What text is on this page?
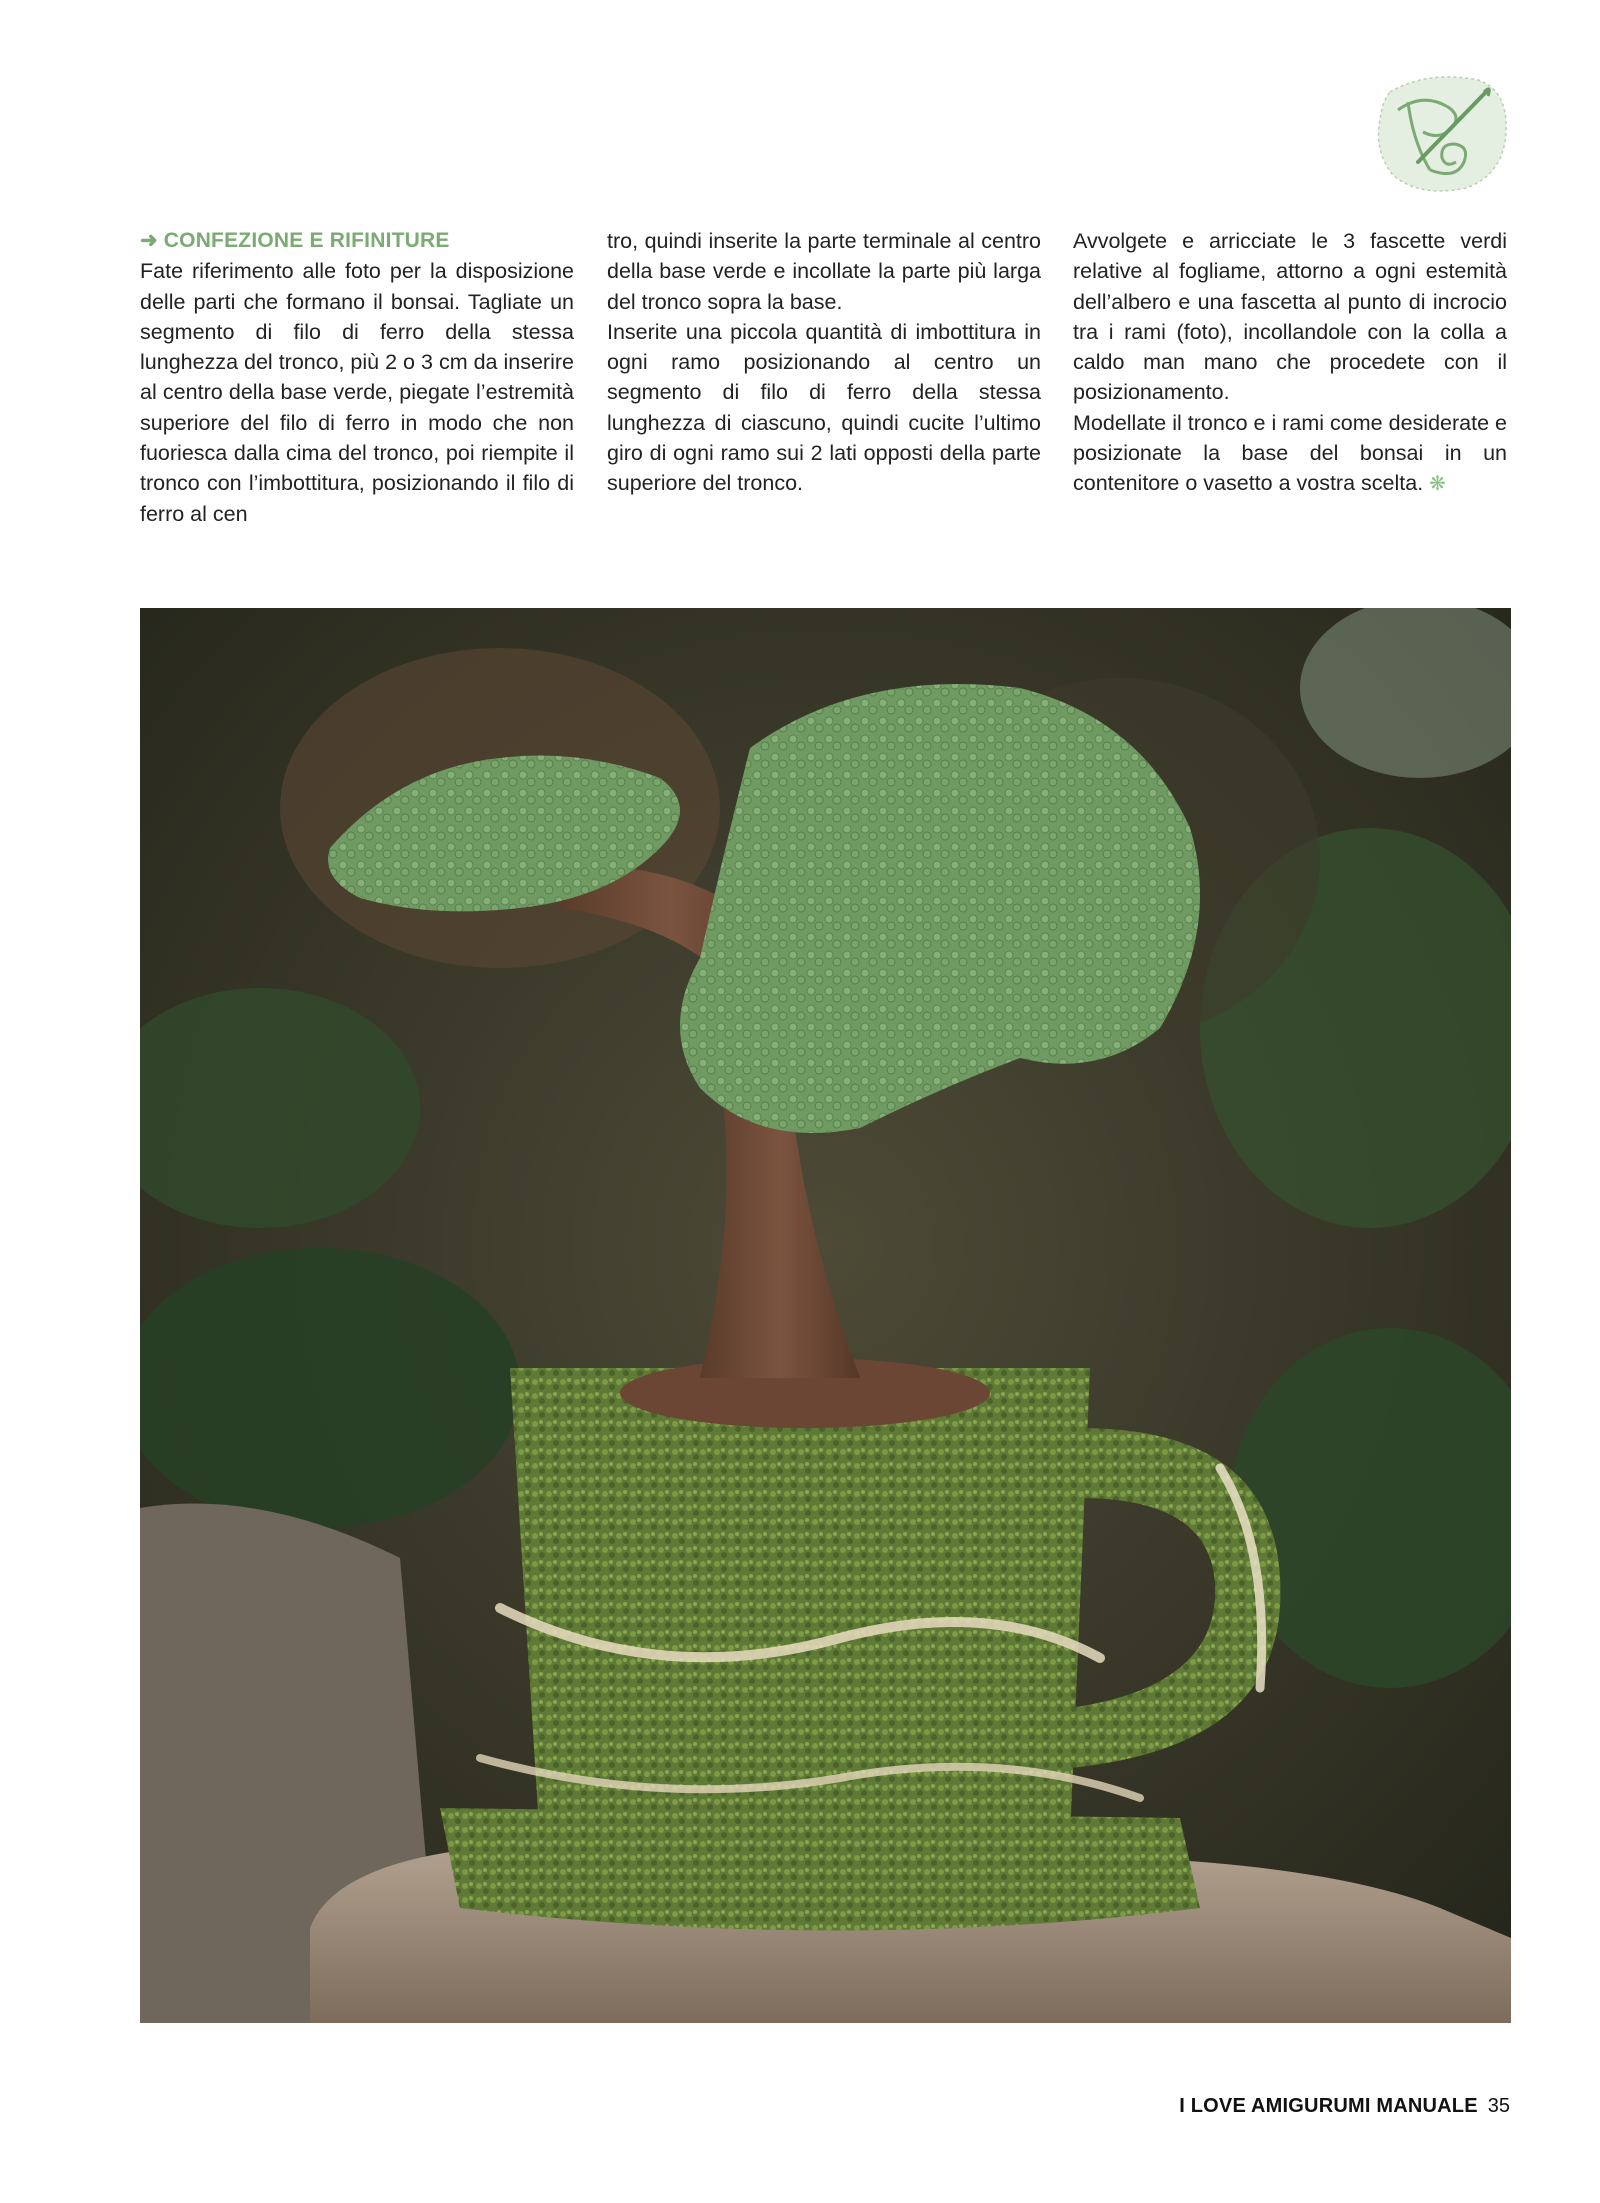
➜ CONFEZIONE E RIFINITURE
Fate riferimento alle foto per la disposizione delle parti che formano il bonsai. Tagliate un segmento di filo di ferro della stessa lunghezza del tronco, più 2 o 3 cm da inserire al centro della base verde, piegate l’estremità superiore del filo di ferro in modo che non fuoriesca dalla cima del tronco, poi riempite il tronco con l’imbottitura, posizionando il filo di ferro al cen

tro, quindi inserite la parte terminale al centro della base verde e incollate la parte più larga del tronco sopra la base.

Inserite una piccola quantità di imbottitura in ogni ramo posizionando al centro un segmento di filo di ferro della stessa lunghezza di ciascuno, quindi cucite l’ultimo giro di ogni ramo sui 2 lati opposti della parte superiore del tronco.

Avvolgete e arricciate le 3 fascette verdi relative al fogliame, attorno a ogni estemità dell’albero e una fascetta al punto di incrocio tra i rami (foto), incollandole con la colla a caldo man mano che procedete con il posizionamento.

Modellate il tronco e i rami come desiderate e posizionate la base del bonsai in un contenitore o vasetto a vostra scelta. ❋

I LOVE AMIGURUMI MANUALE 35
